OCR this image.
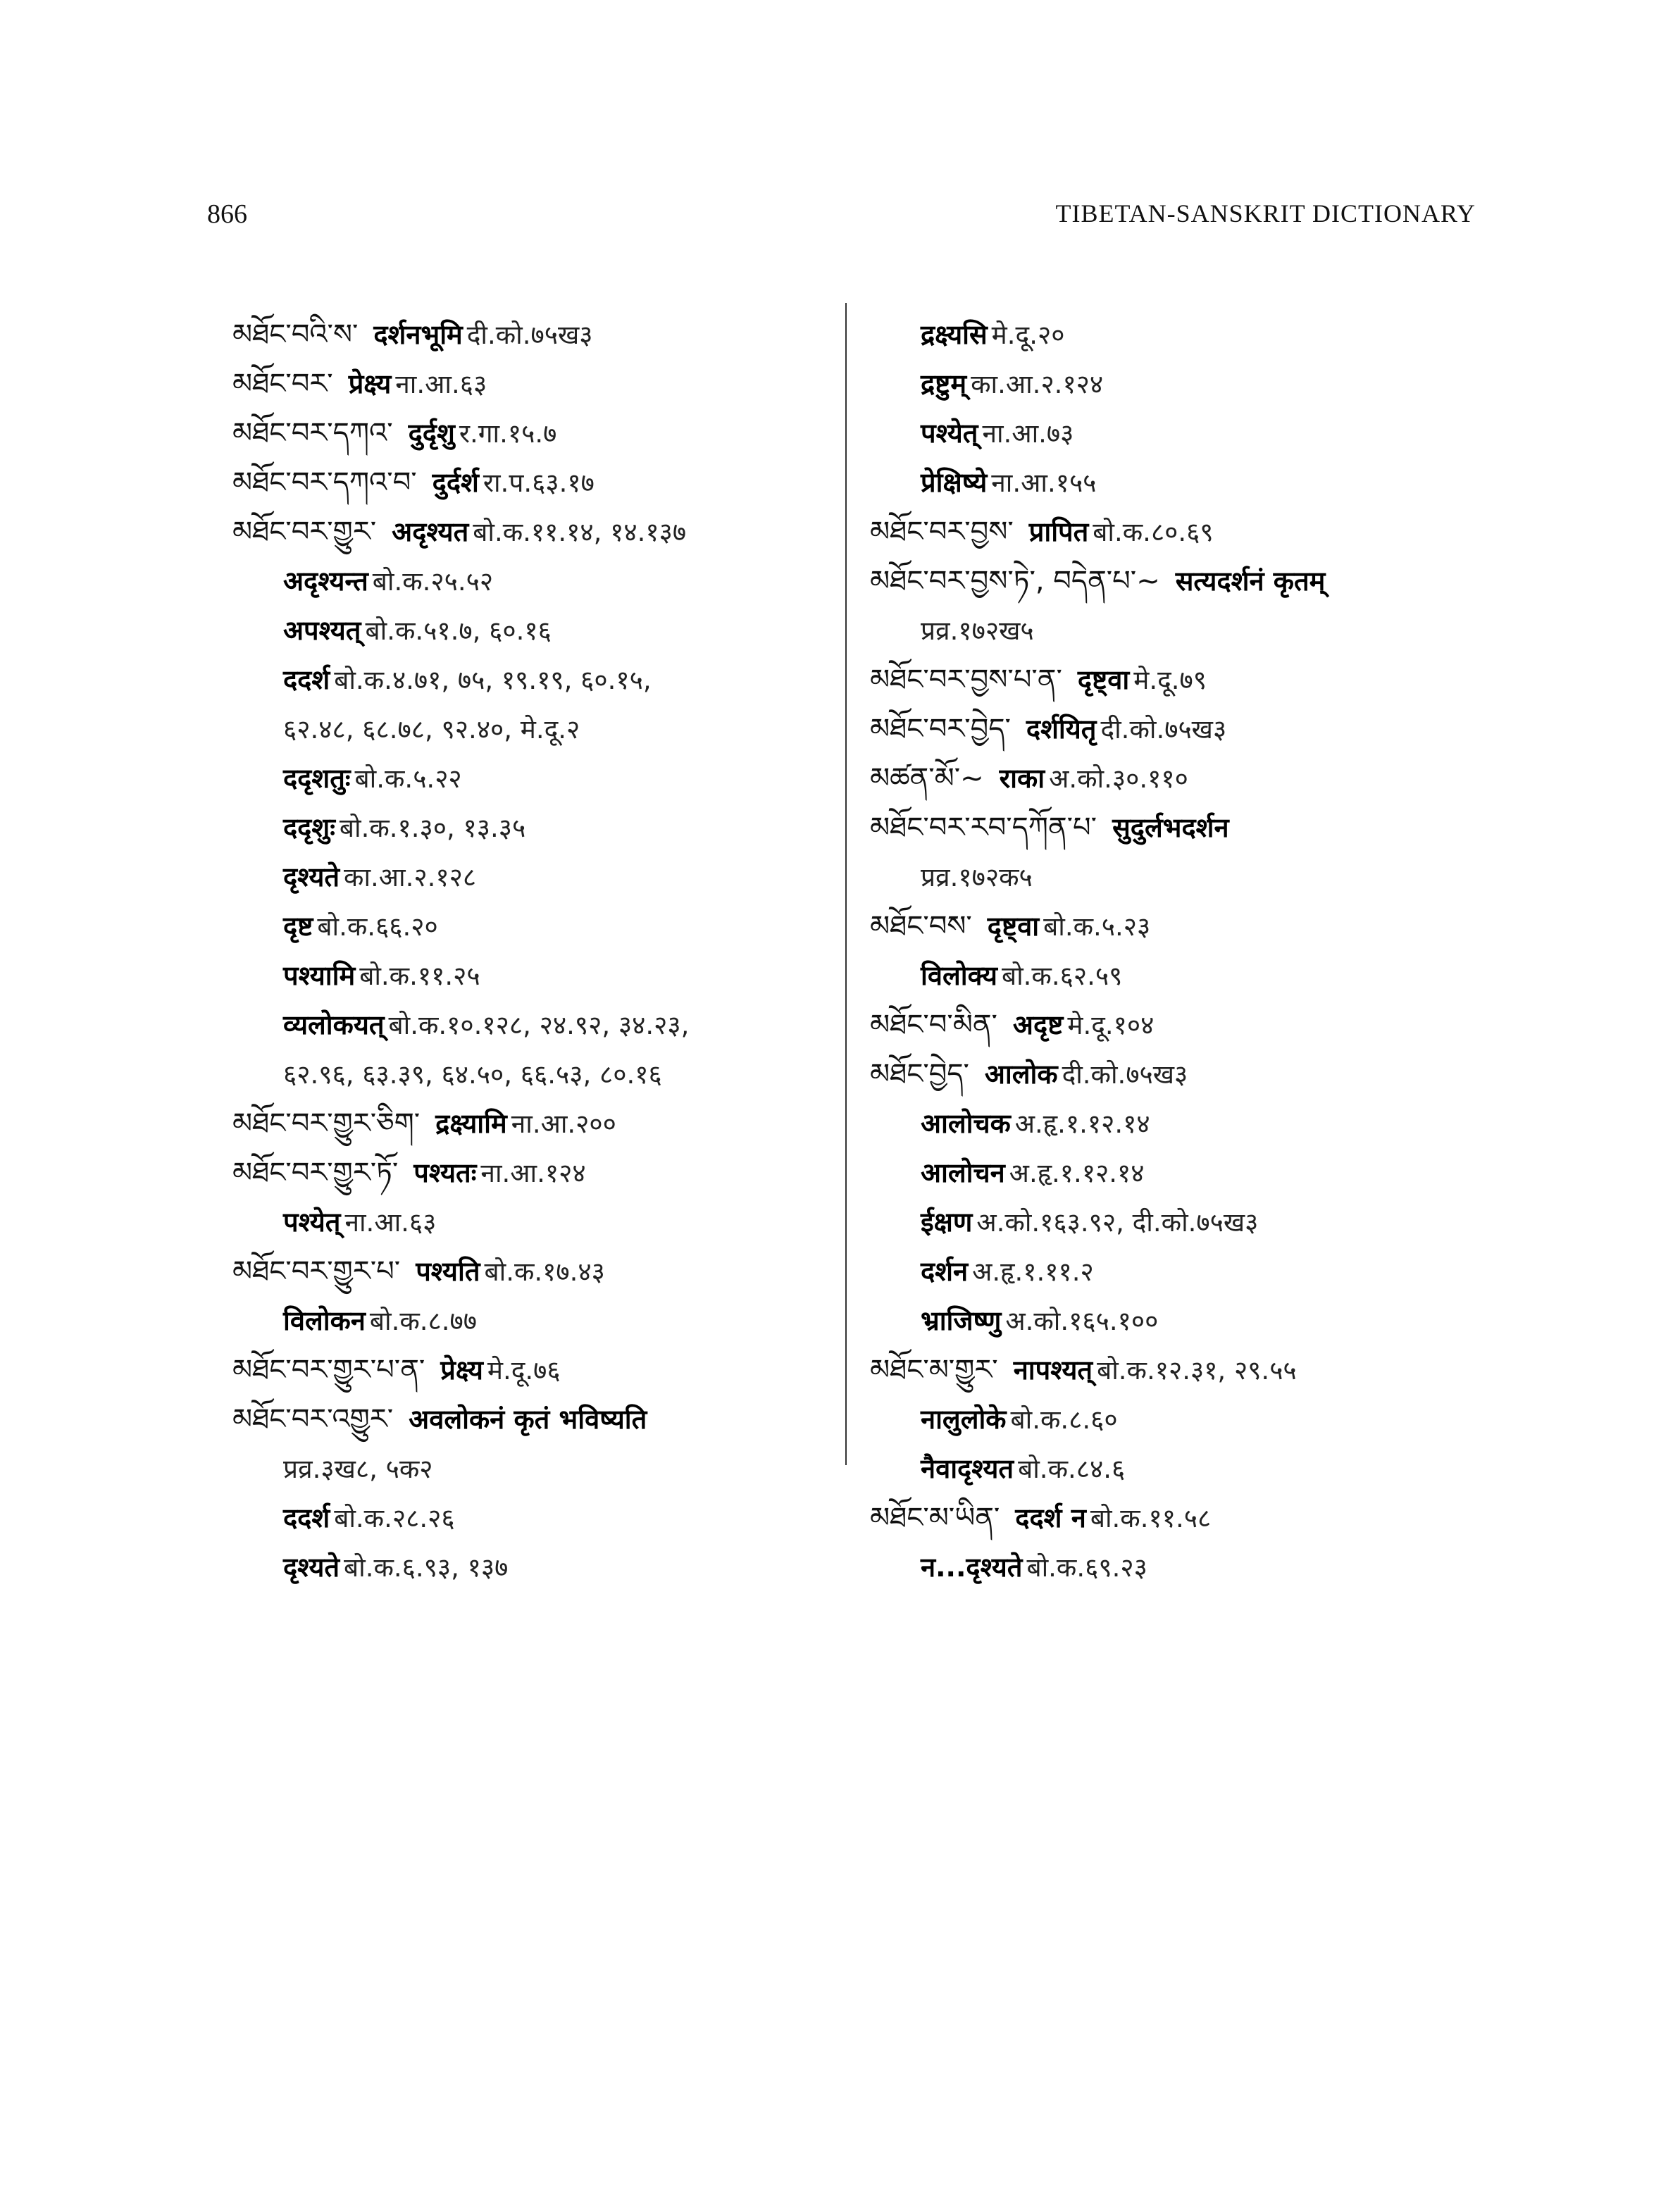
866	TIBETAN-SANSKRIT DICTIONARY
མཐོང་བའི་ས་ दर्शनभूमि दी.को.७५ख३
མཐོང་བར་ प्रेक्ष्य ना.आ.६३
མཐོང་བར་དཀའ་ दुर्दृशु र.गा.१५.७
མཐོང་བར་དཀའ་བ་ दुर्दर्श रा.प.६३.१७
མཐོང་བར་གྱུར་ अदृश्यत बो.क.११.१४, १४.१३७
अदृश्यन्त बो.क.२५.५२
अपश्यत् बो.क.५१.७, ६०.१६
ददर्श बो.क.४.७१, ७५, १९.१९, ६०.१५,
६२.४८, ६८.७८, ९२.४०, मे.दू.२
ददृशतुः बो.क.५.२२
ददृशुः बो.क.१.३०, १३.३५
दृश्यते का.आ.२.१२८
दृष्ट बो.क.६६.२०
पश्यामि बो.क.११.२५
व्यलोकयत् बो.क.१०.१२८, २४.९२, ३४.२३,
६२.९६, ६३.३९, ६४.५०, ६६.५३, ८०.१६
མཐོང་བར་གྱུར་ཅིག་ द्रक्ष्यामि ना.आ.२००
མཐོང་བར་གྱུར་ཏོ་ पश्यतः ना.आ.१२४
पश्येत् ना.आ.६३
མཐོང་བར་གྱུར་པ་ पश्यति बो.क.१७.४३
विलोकन बो.क.८.७७
མཐོང་བར་གྱུར་པ་ན་ प्रेक्ष्य मे.दू.७६
མཐོང་བར་འགྱུར་ अवलोकनं कृतं भविष्यति
प्रव्र.३ख८, ५क२
ददर्श बो.क.२८.२६
दृश्यते बो.क.६.९३, १३७
द्रक्ष्यसि मे.दू.२०
द्रष्टुम् का.आ.२.१२४
पश्येत् ना.आ.७३
प्रेक्षिष्ये ना.आ.१५५
མཐོང་བར་བྱས་ प्रापित बो.क.८०.६९
མཐོང་བར་བྱས་ཏེ་, བདེན་པ་~ सत्यदर्शनं कृतम्
प्रव्र.१७२ख५
མཐོང་བར་བྱས་པ་ན་ दृष्ट्वा मे.दू.७९
མཐོང་བར་བྱེད་ दर्शयितृ दी.को.७५ख३
མཚན་མོ་~ राका अ.को.३०.११०
མཐོང་བར་རབ་དཀོན་པ་ सुदुर्लभदर्शन
प्रव्र.१७२क५
མཐོང་བས་ दृष्ट्वा बो.क.५.२३
विलोक्य बो.क.६२.५९
མཐོང་བ་མིན་ अदृष्ट मे.दू.१०४
མཐོང་བྱེད་ आलोक दी.को.७५ख३
आलोचक अ.हृ.१.१२.१४
आलोचन अ.हृ.१.१२.१४
ईक्षण अ.को.१६३.९२, दी.को.७५ख३
दर्शन अ.हृ.१.११.२
भ्राजिष्णु अ.को.१६५.१००
མཐོང་མ་གྱུར་ नापश्यत् बो.क.१२.३१, २९.५५
नालुलोके बो.क.८.६०
नैवादृश्यत बो.क.८४.६
མཐོང་མ་ཡིན་ ददर्श न बो.क.११.५८
न...दृश्यते बो.क.६९.२३
